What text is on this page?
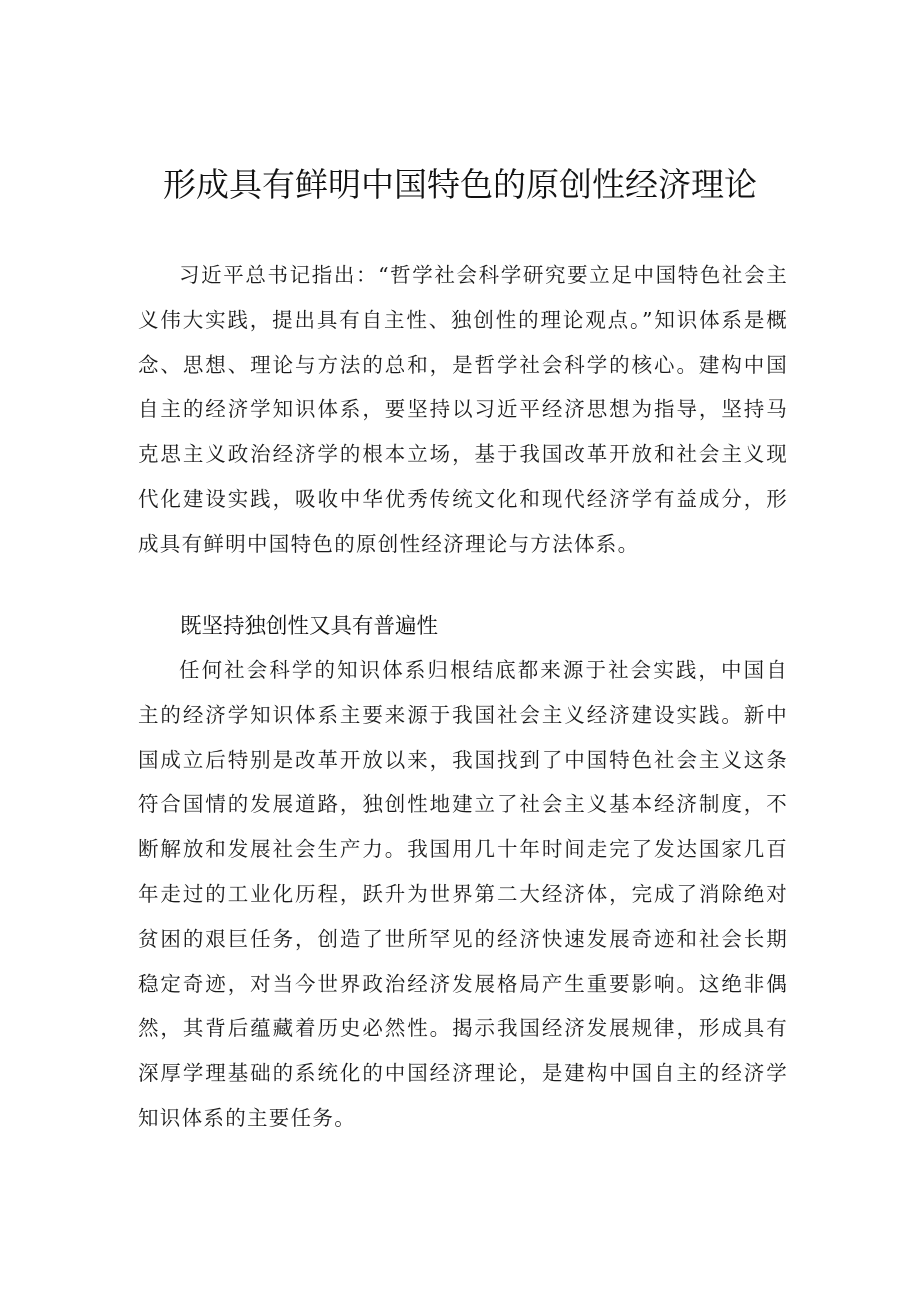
形成具有鲜明中国特色的原创性经济理论

习近平总书记指出：“哲学社会科学研究要立足中国特色社会主义伟大实践，提出具有自主性、独创性的理论观点。”知识体系是概念、思想、理论与方法的总和，是哲学社会科学的核心。建构中国自主的经济学知识体系，要坚持以习近平经济思想为指导，坚持马克思主义政治经济学的根本立场，基于我国改革开放和社会主义现代化建设实践，吸收中华优秀传统文化和现代经济学有益成分，形成具有鲜明中国特色的原创性经济理论与方法体系。

既坚持独创性又具有普遍性

任何社会科学的知识体系归根结底都来源于社会实践，中国自主的经济学知识体系主要来源于我国社会主义经济建设实践。新中国成立后特别是改革开放以来，我国找到了中国特色社会主义这条符合国情的发展道路，独创性地建立了社会主义基本经济制度，不断解放和发展社会生产力。我国用几十年时间走完了发达国家几百年走过的工业化历程，跃升为世界第二大经济体，完成了消除绝对贫困的艰巨任务，创造了世所罕见的经济快速发展奇迹和社会长期稳定奇迹，对当今世界政治经济发展格局产生重要影响。这绝非偶然，其背后蕴藏着历史必然性。揭示我国经济发展规律，形成具有深厚学理基础的系统化的中国经济理论，是建构中国自主的经济学知识体系的主要任务。
